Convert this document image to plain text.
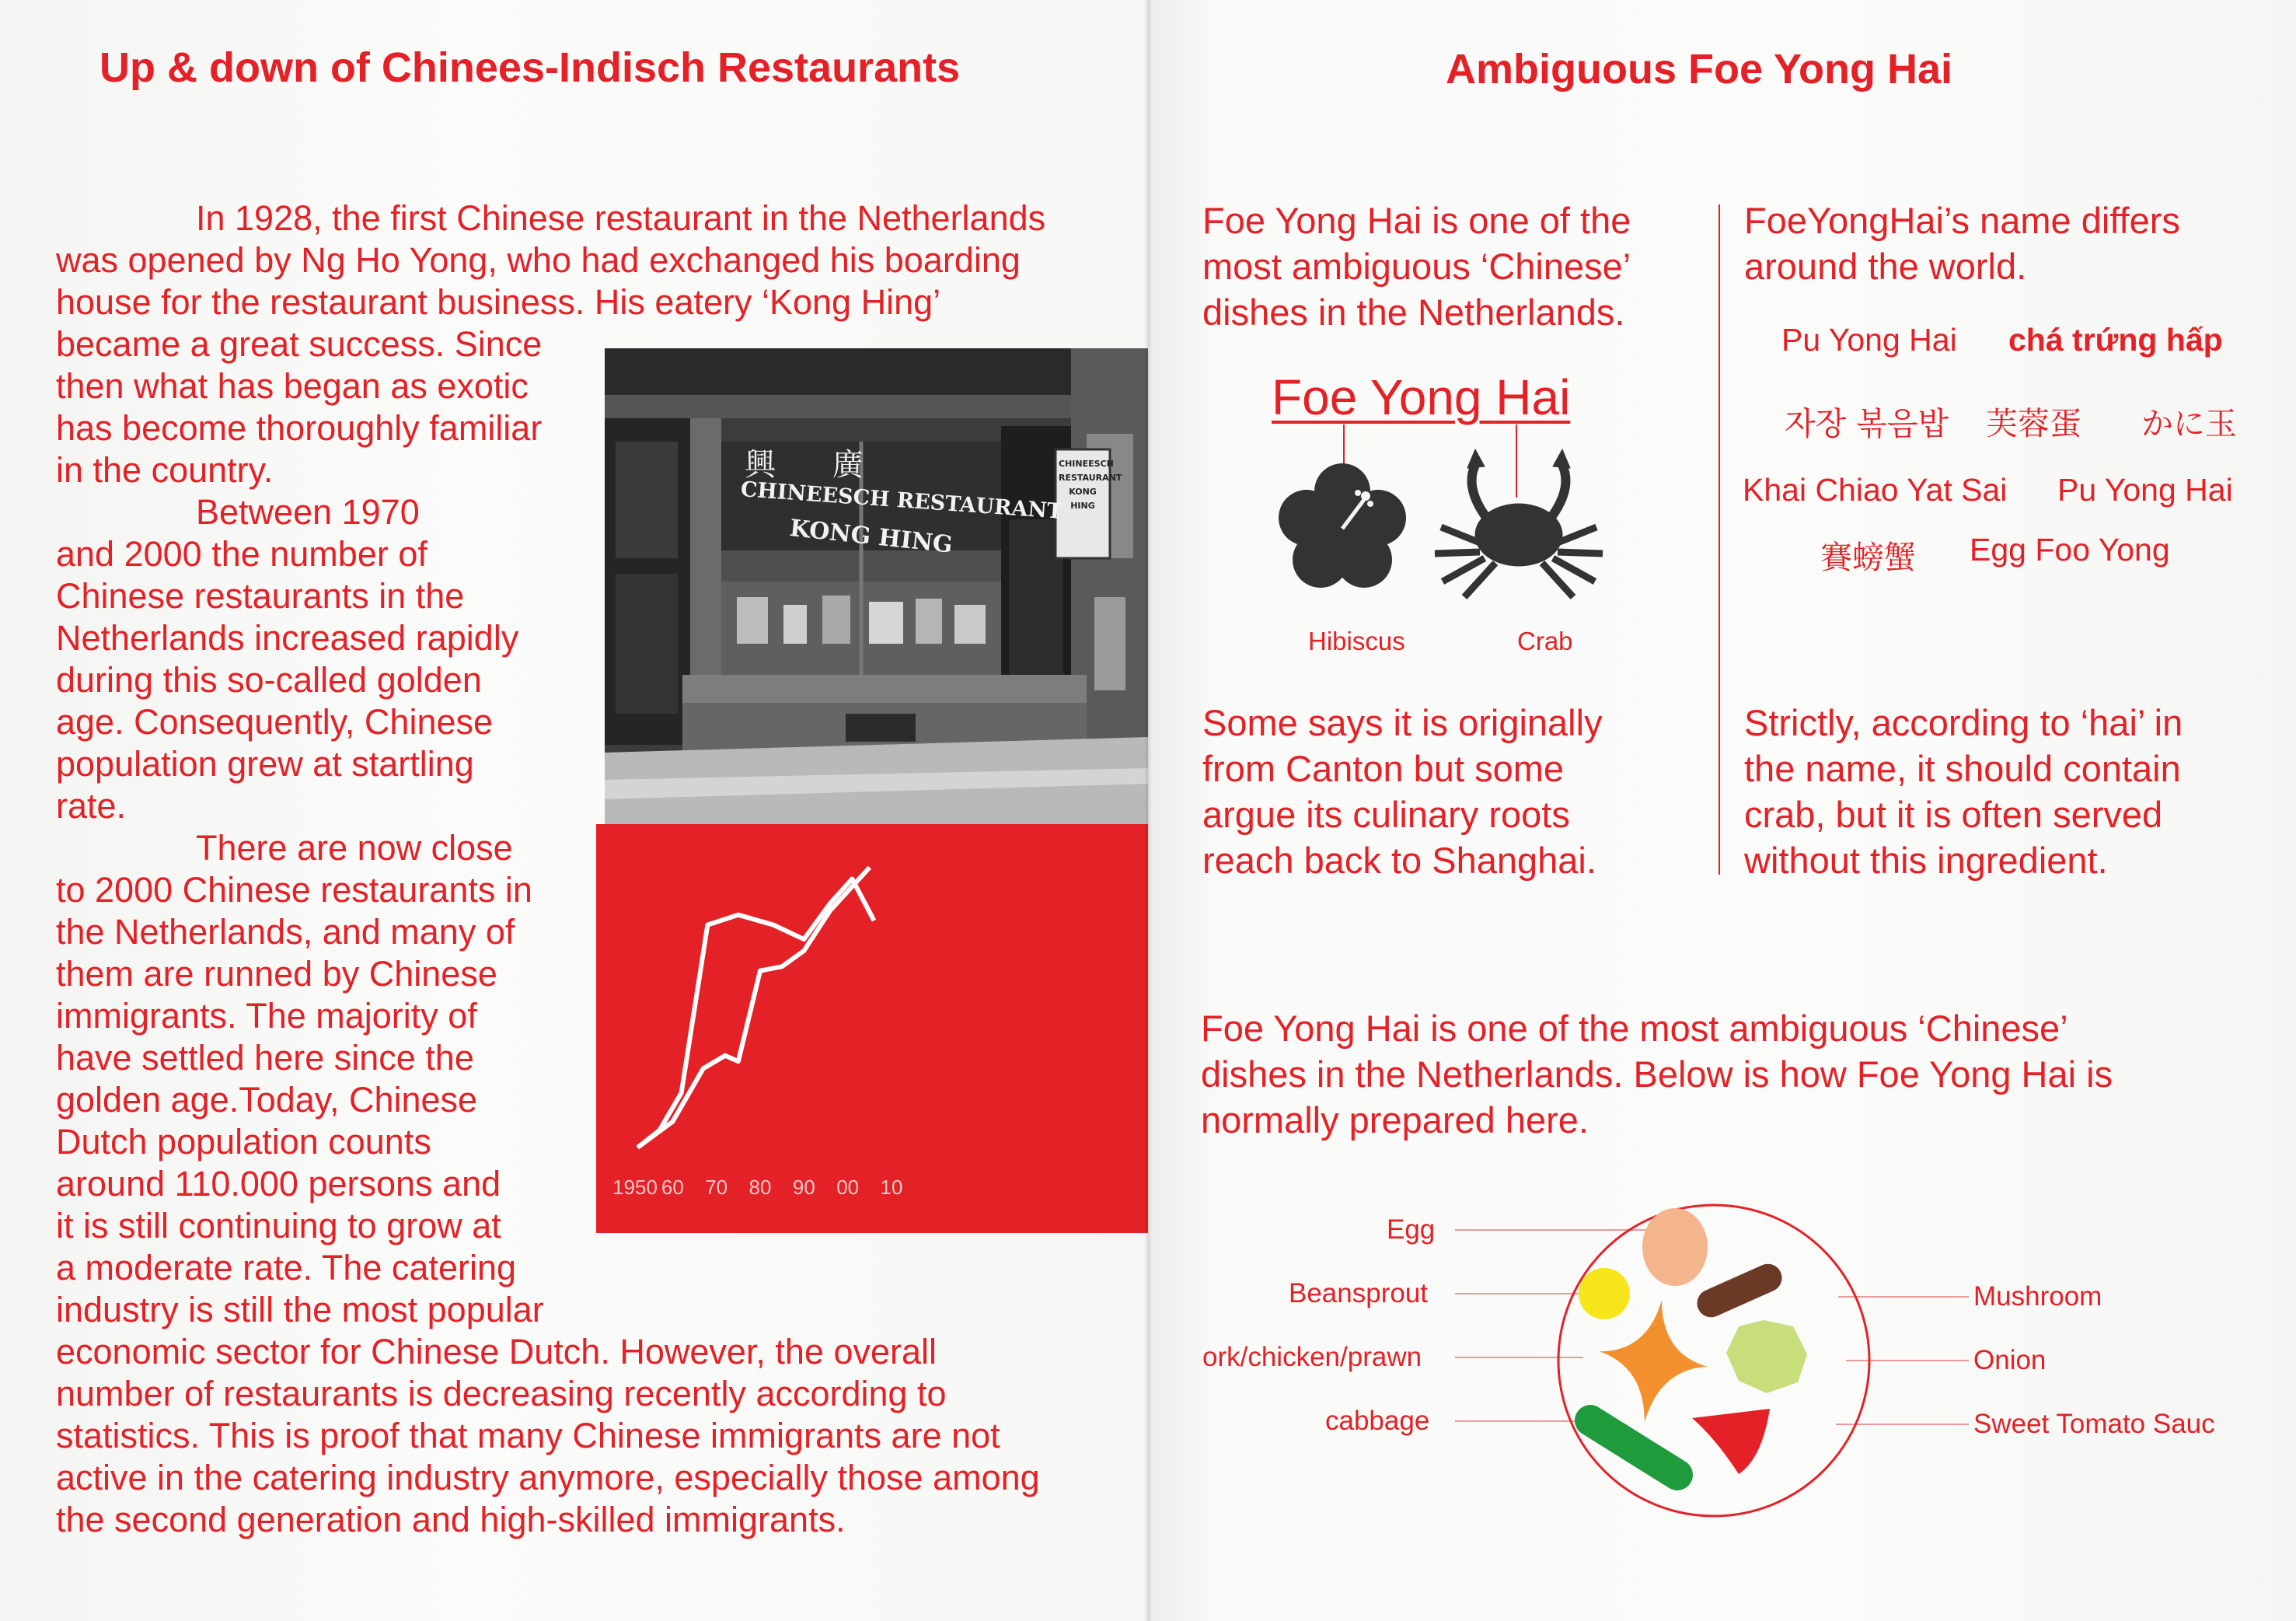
Up & down of Chinees-Indisch Restaurants

In 1928, the first Chinese restaurant in the Netherlands

was opened by Ng Ho Yong, who had exchanged his boarding

house for the restaurant business. His eatery ‘Kong Hing’

became a great success. Since

then what has began as exotic

has become thoroughly familiar

in the country.

Between 1970

and 2000 the number of

Chinese restaurants in the

Netherlands increased rapidly

during this so-called golden

age. Consequently, Chinese

population grew at startling

rate.

There are now close

to 2000 Chinese restaurants in

the Netherlands, and many of

them are runned by Chinese

immigrants. The majority of

have settled here since the

golden age.Today, Chinese

Dutch population counts

around 110.000 persons and

it is still continuing to grow at

a moderate rate. The catering

industry is still the most popular

economic sector for Chinese Dutch. However, the overall

number of restaurants is decreasing recently according to

statistics. This is proof that many Chinese immigrants are not

active in the catering industry anymore, especially those among

the second generation and high-skilled immigrants.

興 廣
CHINEESCH RESTAURANT
KONG HING
CHINEESCH RESTAURANT KONG HING
1950 60 70 80 90 00 10
Ambiguous Foe Yong Hai
Foe Yong Hai is one of the
most ambiguous ‘Chinese’
dishes in the Netherlands.
Foe Yong Hai
Hibiscus	Crab
Some says it is originally
from Canton but some
argue its culinary roots
reach back to Shanghai.
FoeYongHai’s name differs
around the world.
Pu Yong Hai chá trứng hấp
자장 볶음밥 芙蓉蛋 かに玉
Khai Chiao Yat Sai Pu Yong Hai
賽螃蟹 Egg Foo Yong
Strictly, according to ‘hai’ in
the name, it should contain
crab, but it is often served
without this ingredient.
Foe Yong Hai is one of the most ambiguous ‘Chinese’
dishes in the Netherlands. Below is how Foe Yong Hai is
normally prepared here.
Egg
Beansprout
ork/chicken/prawn
cabbage
Mushroom
Onion
Sweet Tomato Sauc
